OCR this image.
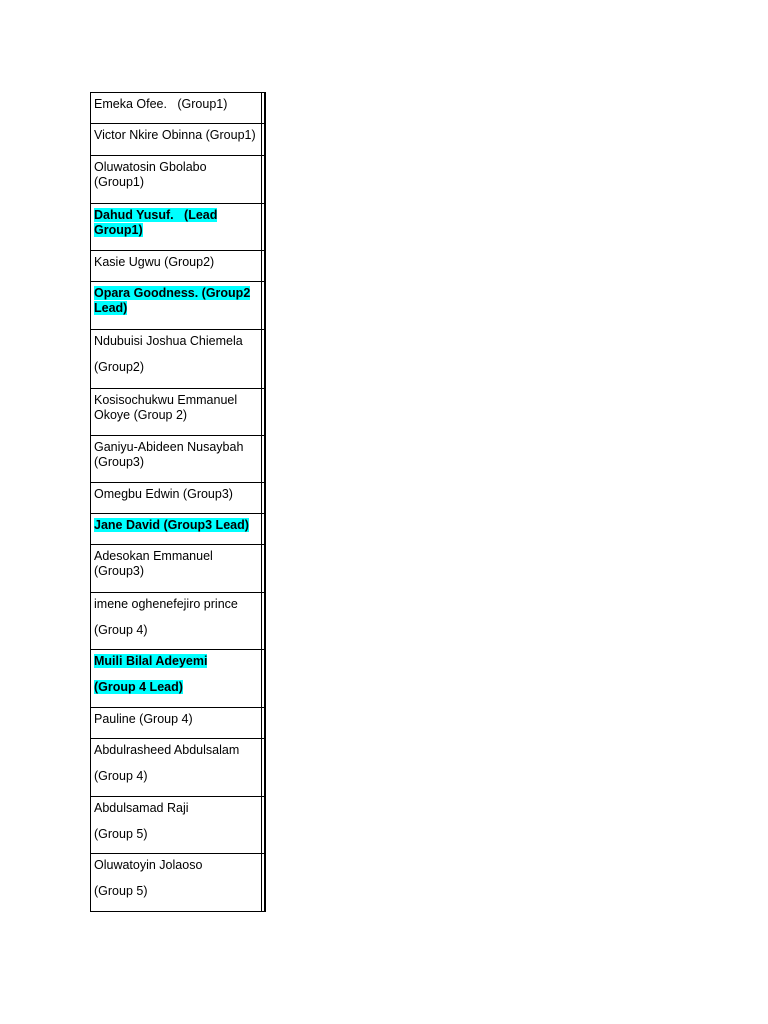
Emeka Ofee.   (Group1)
Victor Nkire Obinna (Group1)
Oluwatosin Gbolabo
(Group1)
Dahud Yusuf.   (Lead
Group1)
Kasie Ugwu (Group2)
Opara Goodness. (Group2
Lead)
Ndubuisi Joshua Chiemela
(Group2)
Kosisochukwu Emmanuel
Okoye (Group 2)
Ganiyu-Abideen Nusaybah
(Group3)
Omegbu Edwin (Group3)
Jane David (Group3 Lead)
Adesokan Emmanuel
(Group3)
imene oghenefejiro prince
(Group 4)
Muili Bilal Adeyemi
(Group 4 Lead)
Pauline (Group 4)
Abdulrasheed Abdulsalam
(Group 4)
Abdulsamad Raji
(Group 5)
Oluwatoyin Jolaoso
(Group 5)
